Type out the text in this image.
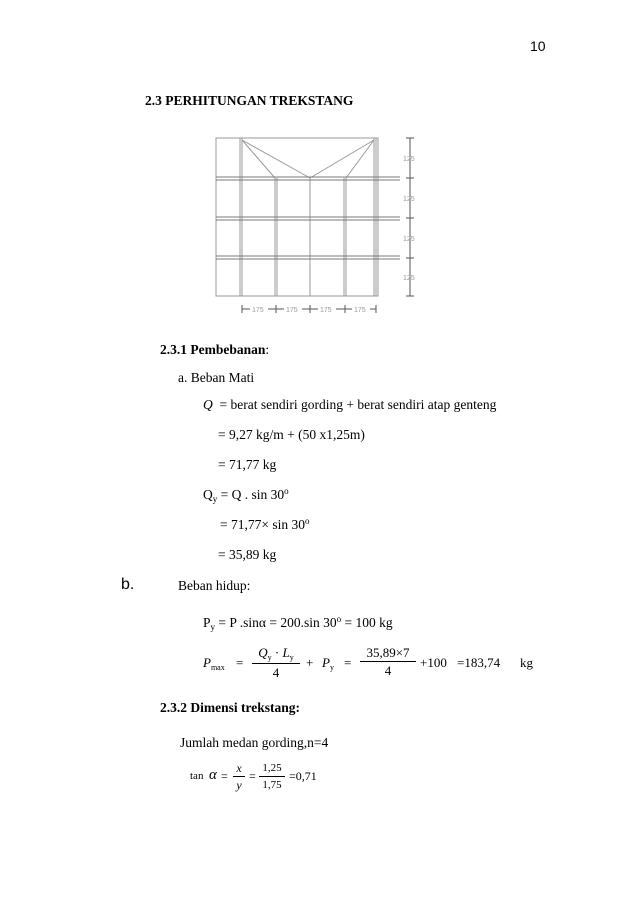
10
2.3 PERHITUNGAN TREKSTANG
125
125
125
125
175	175	175	175
2.3.1 Pembebanan:
a. Beban Mati
Q = berat sendiri gording + berat sendiri atap genteng
= 9,27 kg/m + (50 x1,25m)
= 71,77 kg
$Q_y = Q$ . $\sin 30^o$
= $71,77\times \sin 30^o$
= 35,89 kg
b.	Beban hidup:
$P_y = P$ .sinα = 200.sin $30^o = 100$ kg
$P_{max}$ =
$Q_y \cdot L_y$
4
+ $P_y$ =
35,89×7
4
+100 =183,74 kg
2.3.2 Dimensi trekstang:
Jumlah medan gording,n=4
tan α =
x
y
=
1,25
1,75
=0,71
